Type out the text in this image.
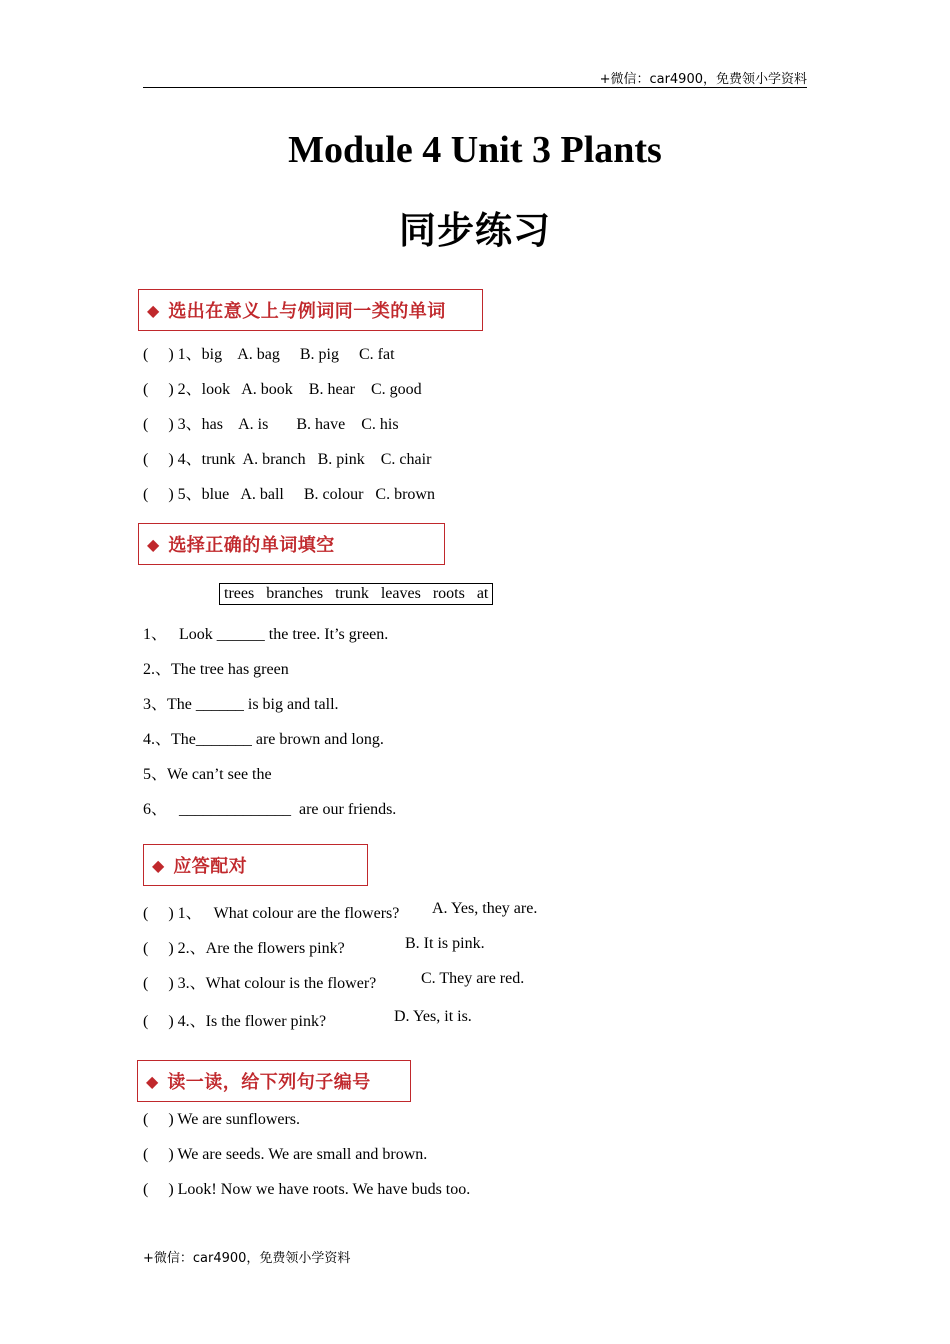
+微信：car4900，免费领小学资料
Module 4 Unit 3 Plants
同步练习
◆ 选出在意义上与例词同一类的单词
(     ) 1、big    A. bag     B. pig     C. fat
(     ) 2、look   A. book    B. hear    C. good
(     ) 3、has    A. is       B. have    C. his
(     ) 4、trunk  A. branch   B. pink    C. chair
(     ) 5、blue   A. ball     B. colour   C. brown
◆ 选择正确的单词填空
trees   branches   trunk   leaves   roots   at
1、   Look ______ the tree. It’s green.
2.、The tree has green
3、The ______ is big and tall.
4.、The_______ are brown and long.
5、We can’t see the
6、   ______________  are our friends.
◆ 应答配对
(     ) 1、   What colour are the flowers? A. Yes, they are.
(     ) 2.、Are the flowers pink?	B. It is pink.
(     ) 3.、What colour is the flower?	C. They are red.
(     ) 4.、Is the flower pink?	D. Yes, it is.
◆ 读一读，给下列句子编号
(     ) We are sunflowers.
(     ) We are seeds. We are small and brown.
(     ) Look! Now we have roots. We have buds too.
+微信：car4900，免费领小学资料
